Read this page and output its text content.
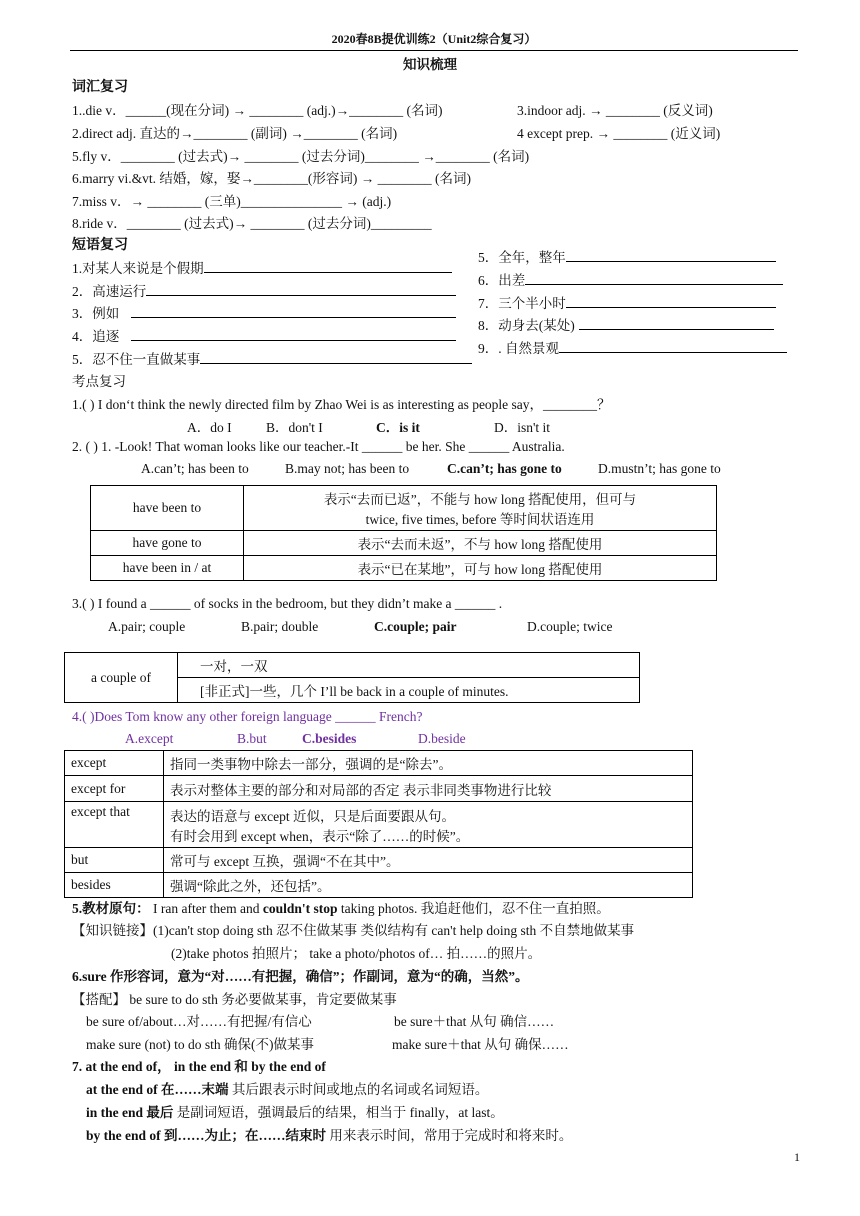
2020春8B提优训练2（Unit2综合复习）
知识梳理
词汇复习
1..die v．______(现在分词) → ________ (adj.)→________ (名词)	3.indoor adj. → ________ (反义词)
2.direct adj. 直达的→________ (副词) →________ (名词)	4 except prep. → ________ (近义词)
5.fly v．________ (过去式)→ ________ (过去分词)________ →________ (名词)
6.marry vi.&vt. 结婚，嫁，娶→________(形容词) → ________ (名词)
7.miss v．→ ________ (三单)_______________ → (adj.)
8.ride v．________ (过去式)→ ________ (过去分词)_________
短语复习
1.对某人来说是个假期
2．高速运行
3．例如
4．追逐
5．忍不住一直做某事
5．全年，整年
6．出差
7．三个半小时
8．动身去(某处)
9．. 自然景观
考点复习
1.( ) I don‘t think the newly directed film by Zhao Wei is as interesting as people say，________？
A．do I	B．don't I	C．is it	D．isn't it
2. ( ) 1. -Look! That woman looks like our teacher.-It ______ be her. She ______ Australia.
A.can’t; has been to	B.may not; has been to	C.can’t; has gone to	D.mustn’t; has gone to
have been to	表示“去而已返”，不能与 how long 搭配使用，但可与
twice, five times, before 等时间状语连用

have gone to	表示“去而未返”，不与 how long 搭配使用
have been in / at	表示“已在某地”，可与 how long 搭配使用
3.( ) I found a ______ of socks in the bedroom, but they didn’t make a ______ .
A.pair; couple	B.pair; double	C.couple; pair	D.couple; twice
a couple of	一对，一双
[非正式]一些，几个 I’ll be back in a couple of minutes.
4.( )Does Tom know any other foreign language ______ French?
A.except	B.but	C.besides	D.beside
except	指同一类事物中除去一部分，强调的是“除去”。
except for	表示对整体主要的部分和对局部的否定 表示非同类事物进行比较
except that	表达的语意与 except 近似，只是后面要跟从句。
有时会用到 except when，表示“除了……的时候”。

but	常可与 except 互换，强调“不在其中”。
besides	强调“除此之外，还包括”。
5.教材原句： I ran after them and couldn't stop taking photos. 我追赶他们，忍不住一直拍照。
【知识链接】(1)can't stop doing sth 忍不住做某事 类似结构有 can't help doing sth 不自禁地做某事
(2)take photos 拍照片； take a photo/photos of… 拍……的照片。
6.sure 作形容词，意为“对……有把握，确信”；作副词，意为“的确，当然”。
【搭配】 be sure to do sth 务必要做某事，肯定要做某事
be sure of/about…对……有把握/有信心	be sure＋that 从句 确信……
make sure (not) to do sth 确保(不)做某事	make sure＋that 从句 确保……
7. at the end of， in the end 和 by the end of
at the end of 在……末端 其后跟表示时间或地点的名词或名词短语。
in the end 最后 是副词短语，强调最后的结果，相当于 finally，at last。
by the end of 到……为止；在……结束时 用来表示时间，常用于完成时和将来时。
1
